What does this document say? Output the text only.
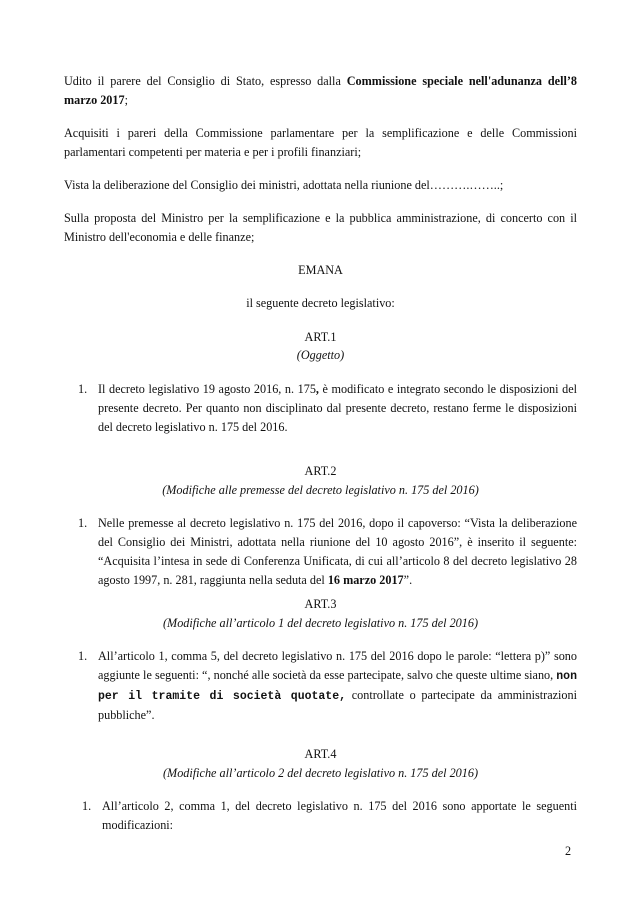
Udito il parere del Consiglio di Stato, espresso dalla Commissione speciale nell'adunanza dell’8 marzo 2017;

Acquisiti i pareri della Commissione parlamentare per la semplificazione e delle Commissioni parlamentari competenti per materia e per i profili finanziari;

Vista la deliberazione del Consiglio dei ministri, adottata nella riunione del……….……..;

Sulla proposta del Ministro per la semplificazione e la pubblica amministrazione, di concerto con il Ministro dell'economia e delle finanze;

EMANA

il seguente decreto legislativo:

ART.1

(Oggetto)

1. Il decreto legislativo 19 agosto 2016, n. 175, è modificato e integrato secondo le disposizioni del presente decreto. Per quanto non disciplinato dal presente decreto, restano ferme le disposizioni del decreto legislativo n. 175 del 2016.

ART.2

(Modifiche alle premesse del decreto legislativo n. 175 del 2016)

1. Nelle premesse al decreto legislativo n. 175 del 2016, dopo il capoverso: “Vista la deliberazione del Consiglio dei Ministri, adottata nella riunione del 10 agosto 2016”, è inserito il seguente: “Acquisita l’intesa in sede di Conferenza Unificata, di cui all’articolo 8 del decreto legislativo 28 agosto 1997, n. 281, raggiunta nella seduta del 16 marzo 2017”.

ART.3

(Modifiche all’articolo 1 del decreto legislativo n. 175 del 2016)

1. All’articolo 1, comma 5, del decreto legislativo n. 175 del 2016 dopo le parole: “lettera p)” sono aggiunte le seguenti: “, nonché alle società da esse partecipate, salvo che queste ultime siano, non per il tramite di società quotate, controllate o partecipate da amministrazioni pubbliche”.

ART.4

(Modifiche all’articolo 2 del decreto legislativo n. 175 del 2016)

1. All’articolo 2, comma 1, del decreto legislativo n. 175 del 2016 sono apportate le seguenti modificazioni:
2
